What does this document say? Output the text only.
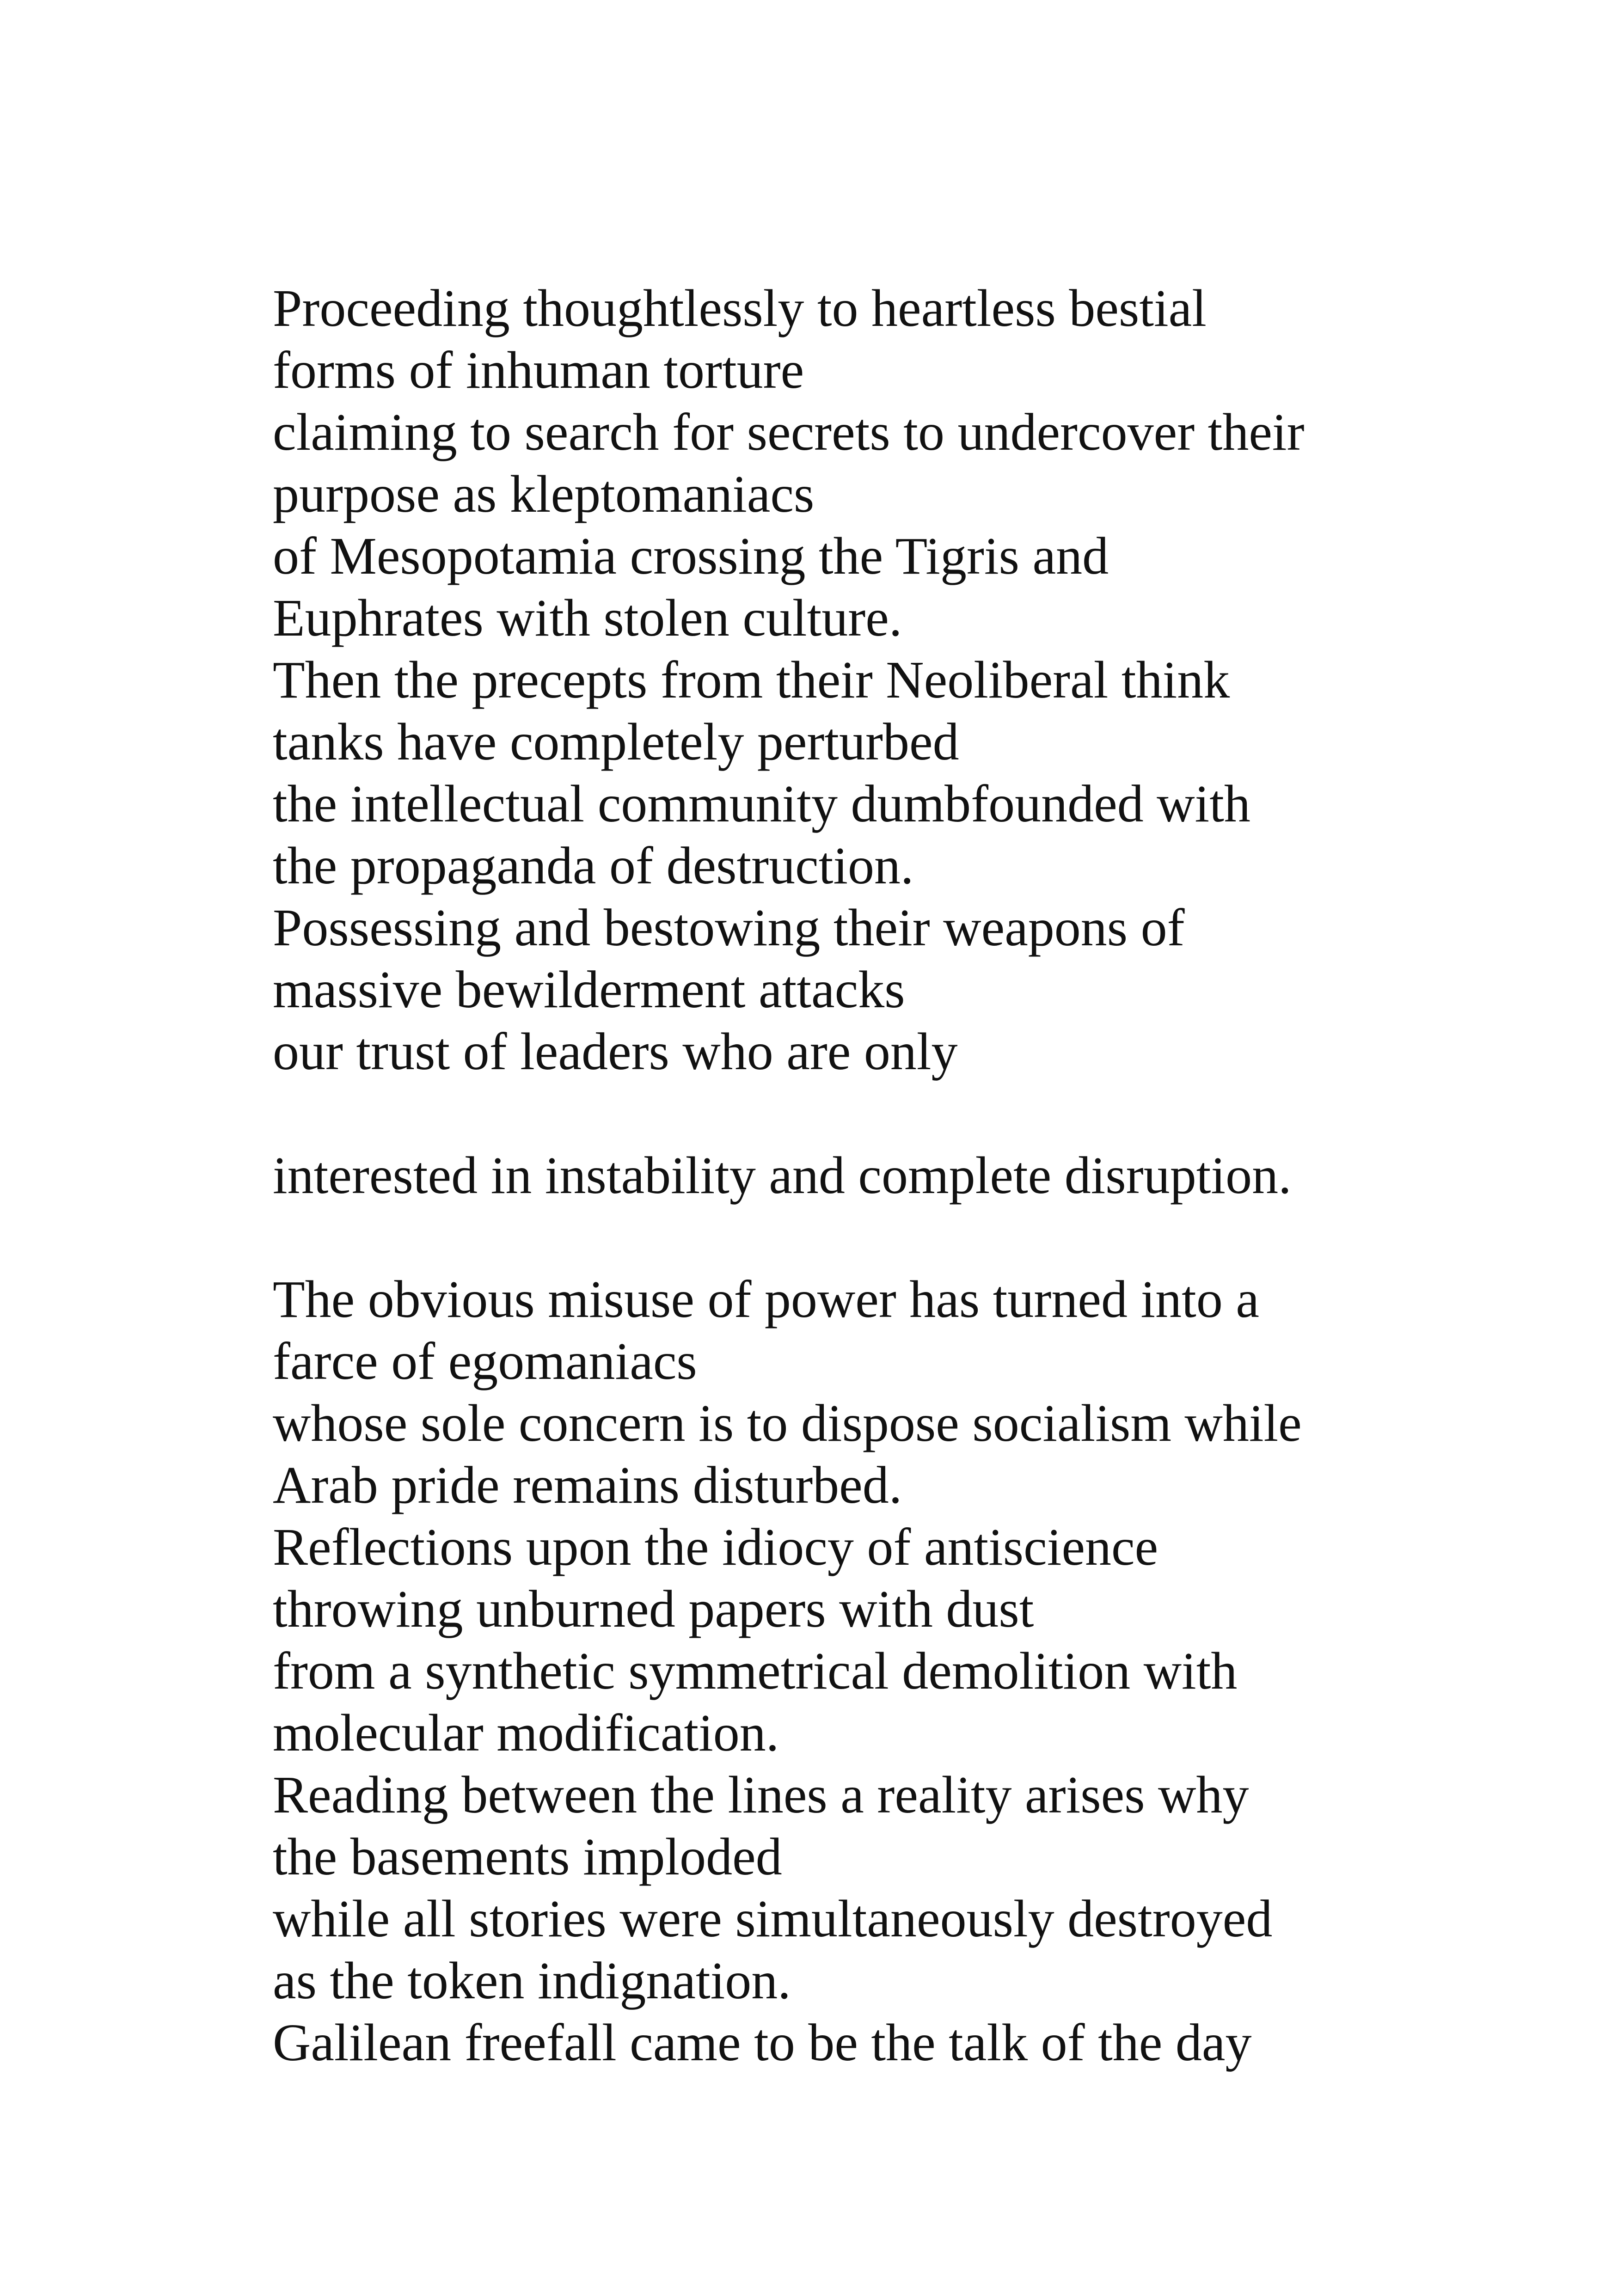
Proceeding thoughtlessly to heartless bestial
forms of inhuman torture
claiming to search for secrets to undercover their
purpose as kleptomaniacs
of Mesopotamia crossing the Tigris and
Euphrates with stolen culture.
Then the precepts from their Neoliberal think
tanks have completely perturbed
the intellectual community dumbfounded with
the propaganda of destruction.
Possessing and bestowing their weapons of
massive bewilderment attacks
our trust of leaders who are only

interested in instability and complete disruption.

The obvious misuse of power has turned into a
farce of egomaniacs
whose sole concern is to dispose socialism while
Arab pride remains disturbed.
Reflections upon the idiocy of antiscience
throwing unburned papers with dust
from a synthetic symmetrical demolition with
molecular modification.
Reading between the lines a reality arises why
the basements imploded
while all stories were simultaneously destroyed
as the token indignation.
Galilean freefall came to be the talk of the day
